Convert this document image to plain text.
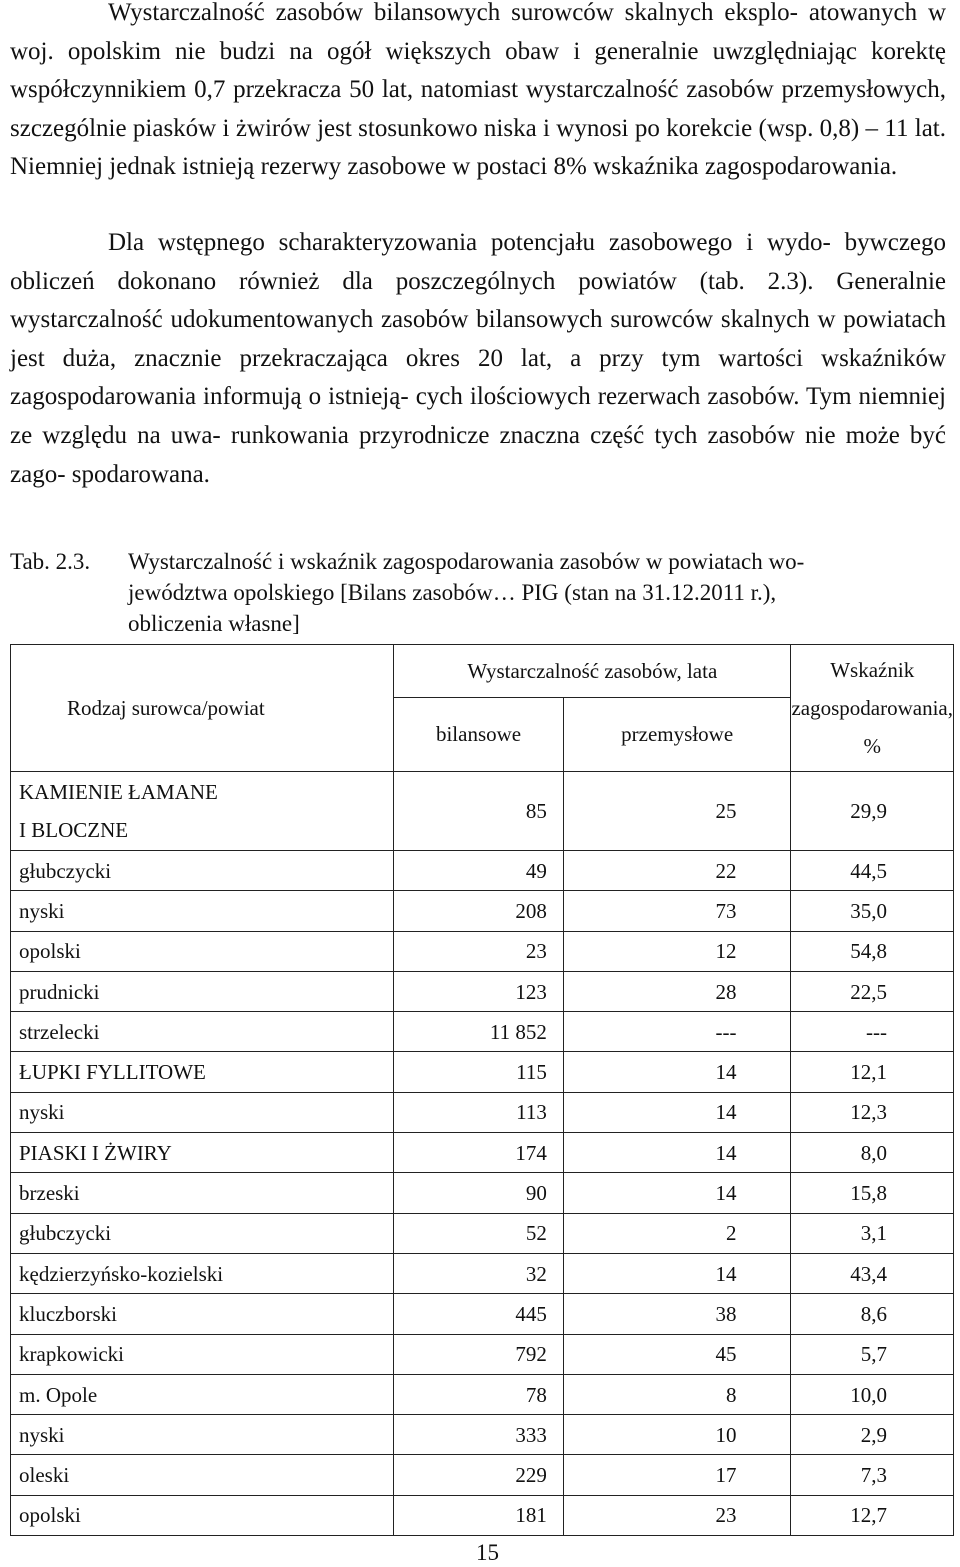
Wystarczalność zasobów bilansowych surowców skalnych eksplo- atowanych w woj. opolskim nie budzi na ogół większych obaw i generalnie uwzględniając korektę współczynnikiem 0,7 przekracza 50 lat, natomiast wystarczalność zasobów przemysłowych, szczególnie piasków i żwirów jest stosunkowo niska i wynosi po korekcie (wsp. 0,8) – 11 lat. Niemniej jednak istnieją rezerwy zasobowe w postaci 8% wskaźnika zagospodarowania.

Dla wstępnego scharakteryzowania potencjału zasobowego i wydo- bywczego obliczeń dokonano również dla poszczególnych powiatów (tab. 2.3). Generalnie wystarczalność udokumentowanych zasobów bilansowych surowców skalnych w powiatach jest duża, znacznie przekraczająca okres 20 lat, a przy tym wartości wskaźników zagospodarowania informują o istnieją- cych ilościowych rezerwach zasobów. Tym niemniej ze względu na uwa- runkowania przyrodnicze znaczna część tych zasobów nie może być zago- spodarowana.

Tab. 2.3. Wystarczalność i wskaźnik zagospodarowania zasobów w powiatach wo-
jewództwa opolskiego [Bilans zasobów… PIG (stan na 31.12.2011 r.),
obliczenia własne]
Rodzaj surowca/powiat	Wystarczalność zasobów, lata		Wskaźnik
zagospodarowania,
%

	bilansowe	przemysłowe	

KAMIENIE ŁAMANE
I BLOCZNE	85	25	29,9
głubczycki	49	22	44,5
nyski	208	73	35,0
opolski	23	12	54,8
prudnicki	123	28	22,5
strzelecki	11 852	---	---
ŁUPKI FYLLITOWE	115	14	12,1
nyski	113	14	12,3
PIASKI I ŻWIRY	174	14	8,0
brzeski	90	14	15,8
głubczycki	52	2	3,1
kędzierzyńsko-kozielski	32	14	43,4
kluczborski	445	38	8,6
krapkowicki	792	45	5,7
m. Opole	78	8	10,0
nyski	333	10	2,9
oleski	229	17	7,3
opolski	181	23	12,7
15
